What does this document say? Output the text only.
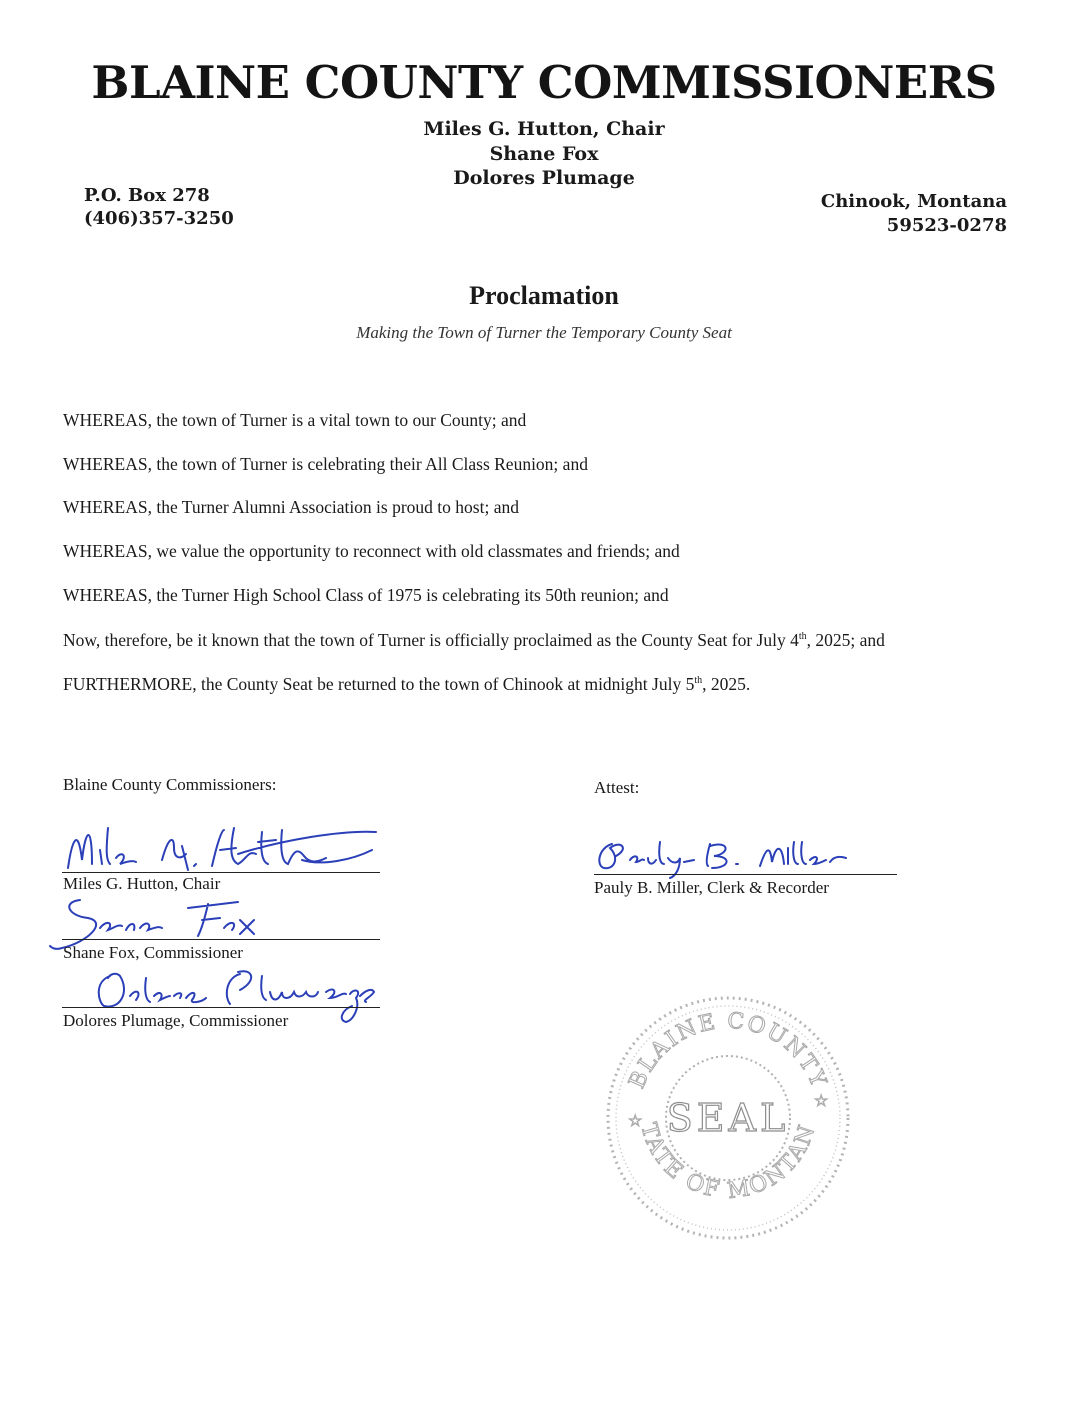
BLAINE COUNTY COMMISSIONERS
Miles G. Hutton, Chair
Shane Fox
Dolores Plumage
P.O. Box 278
(406)357-3250
Chinook, Montana
59523-0278
Proclamation
Making the Town of Turner the Temporary County Seat
WHEREAS, the town of Turner is a vital town to our County; and
WHEREAS, the town of Turner is celebrating their All Class Reunion; and
WHEREAS, the Turner Alumni Association is proud to host; and
WHEREAS, we value the opportunity to reconnect with old classmates and friends; and
WHEREAS, the Turner High School Class of 1975 is celebrating its 50th reunion; and
Now, therefore, be it known that the town of Turner is officially proclaimed as the County Seat for July 4th, 2025; and
FURTHERMORE, the County Seat be returned to the town of Chinook at midnight July 5th, 2025.
Blaine County Commissioners:	Attest:
Miles G. Hutton, Chair
Shane Fox, Commissioner
Dolores Plumage, Commissioner
Pauly B. Miller, Clerk & Recorder
BLAINE COUNTY
TATE OF MONTAN
SEAL
☆
☆
